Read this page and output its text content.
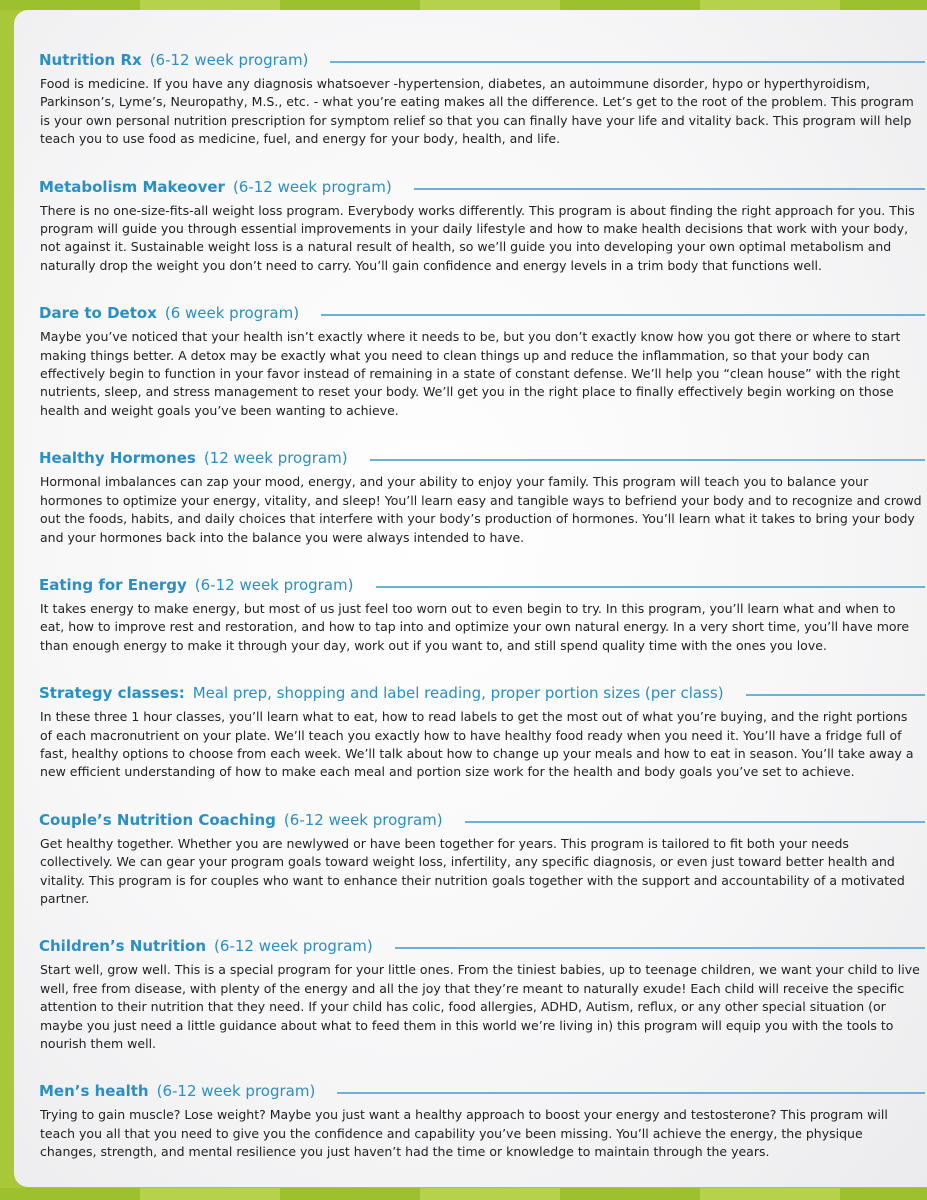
Nutrition Rx (6-12 week program)
Food is medicine. If you have any diagnosis whatsoever -hypertension, diabetes, an autoimmune disorder, hypo or hyperthyroidism, Parkinson’s, Lyme’s, Neuropathy, M.S., etc. - what you’re eating makes all the difference. Let’s get to the root of the problem. This program is your own personal nutrition prescription for symptom relief so that you can finally have your life and vitality back. This program will help teach you to use food as medicine, fuel, and energy for your body, health, and life.
Metabolism Makeover (6-12 week program)
There is no one-size-fits-all weight loss program. Everybody works differently. This program is about finding the right approach for you. This program will guide you through essential improvements in your daily lifestyle and how to make health decisions that work with your body, not against it. Sustainable weight loss is a natural result of health, so we’ll guide you into developing your own optimal metabolism and naturally drop the weight you don’t need to carry. You’ll gain confidence and energy levels in a trim body that functions well.
Dare to Detox (6 week program)
Maybe you’ve noticed that your health isn’t exactly where it needs to be, but you don’t exactly know how you got there or where to start making things better. A detox may be exactly what you need to clean things up and reduce the inflammation, so that your body can effectively begin to function in your favor instead of remaining in a state of constant defense. We’ll help you “clean house” with the right nutrients, sleep, and stress management to reset your body. We’ll get you in the right place to finally effectively begin working on those health and weight goals you’ve been wanting to achieve.
Healthy Hormones (12 week program)
Hormonal imbalances can zap your mood, energy, and your ability to enjoy your family. This program will teach you to balance your hormones to optimize your energy, vitality, and sleep! You’ll learn easy and tangible ways to befriend your body and to recognize and crowd out the foods, habits, and daily choices that interfere with your body’s production of hormones. You’ll learn what it takes to bring your body and your hormones back into the balance you were always intended to have.
Eating for Energy (6-12 week program)
It takes energy to make energy, but most of us just feel too worn out to even begin to try. In this program, you’ll learn what and when to eat, how to improve rest and restoration, and how to tap into and optimize your own natural energy. In a very short time, you’ll have more than enough energy to make it through your day, work out if you want to, and still spend quality time with the ones you love.
Strategy classes: Meal prep, shopping and label reading, proper portion sizes (per class)
In these three 1 hour classes, you’ll learn what to eat, how to read labels to get the most out of what you’re buying, and the right portions of each macronutrient on your plate. We’ll teach you exactly how to have healthy food ready when you need it. You’ll have a fridge full of fast, healthy options to choose from each week. We’ll talk about how to change up your meals and how to eat in season. You’ll take away a new efficient understanding of how to make each meal and portion size work for the health and body goals you’ve set to achieve.
Couple’s Nutrition Coaching (6-12 week program)
Get healthy together. Whether you are newlywed or have been together for years. This program is tailored to fit both your needs collectively. We can gear your program goals toward weight loss, infertility, any specific diagnosis, or even just toward better health and vitality. This program is for couples who want to enhance their nutrition goals together with the support and accountability of a motivated partner.
Children’s Nutrition (6-12 week program)
Start well, grow well. This is a special program for your little ones. From the tiniest babies, up to teenage children, we want your child to live well, free from disease, with plenty of the energy and all the joy that they’re meant to naturally exude! Each child will receive the specific attention to their nutrition that they need. If your child has colic, food allergies, ADHD, Autism, reflux, or any other special situation (or maybe you just need a little guidance about what to feed them in this world we’re living in) this program will equip you with the tools to nourish them well.
Men’s health (6-12 week program)
Trying to gain muscle? Lose weight? Maybe you just want a healthy approach to boost your energy and testosterone? This program will teach you all that you need to give you the confidence and capability you’ve been missing. You’ll achieve the energy, the physique changes, strength, and mental resilience you just haven’t had the time or knowledge to maintain through the years.
